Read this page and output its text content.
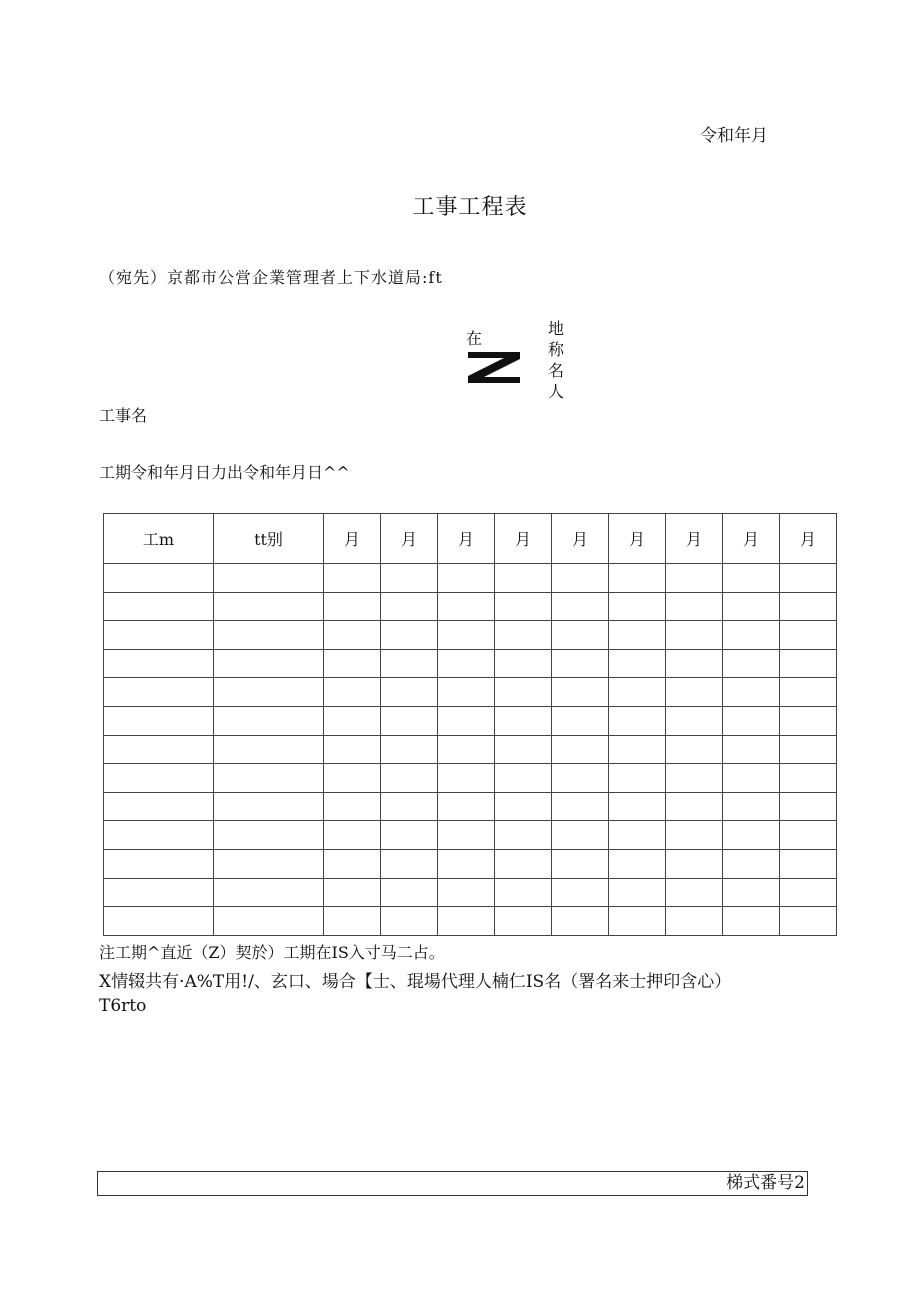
令和年月
工事工程表
（宛先）京都市公営企業管理者上下水道局:ft
在
地
称
名
人
工事名
工期令和年月日力出令和年月日^^
工m	tt别	月	月	月	月	月	月	月	月	月

注工期^直近（Z）契於）工期在IS入寸马二占。
X情辍共有·A%T用!/、玄口、場合【士、琨場代理人楠仁IS名（署名来士押印含心）
T6rto
梯式番号2
